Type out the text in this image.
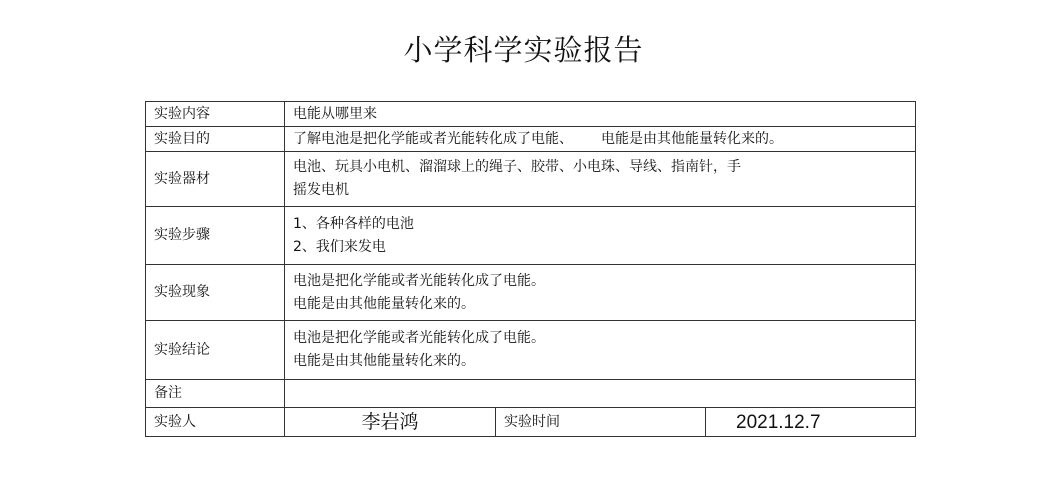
小学科学实验报告
实验内容	电能从哪里来		

实验目的	了解电池是把化学能或者光能转化成了电能、 电能是由其他能量转化来的。		
实验器材	电池、玩具小电机、溜溜球上的绳子、胶带、小电珠、导线、指南针，手
摇发电机		

实验步骤	1、各种各样的电池
2、我们来发电		

实验现象	电池是把化学能或者光能转化成了电能。
电能是由其他能量转化来的。		

实验结论	电池是把化学能或者光能转化成了电能。
电能是由其他能量转化来的。		

备注			

实验人	李岩鸿	实验时间	2021.12.7
